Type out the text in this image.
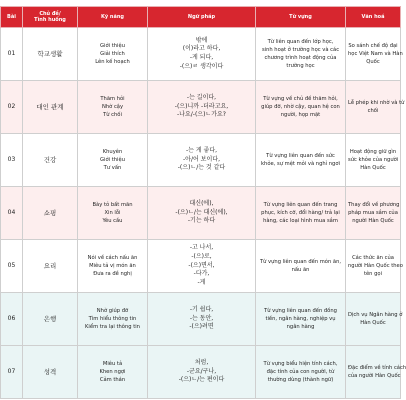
Bài	Chủ đề/
Tình huống	Kỹ năng	Ngữ pháp	Từ vựng	Văn hoá
01	학교생활	Giới thiệu
Giải thích
Lên kế hoạch	밖에
(이)라고 하다,
-게 되다,
-(으)ㄹ 생각이다	Từ liên quan đến lớp học,
sinh hoạt ở trường học và các
chương trình hoạt động của
trường học	So sánh chế độ đại
học Việt Nam và Hàn
Quốc

02	대인 관계	Thăm hỏi
Nhờ cậy
Từ chối	-는 길이다,
-(으)니까 -더라고요,
-나요/-(으)ㄴ가요?	Từ vựng về chủ đề thăm hỏi,
giúp đỡ, nhờ cậy, quan hệ con
người, họp mặt	Lễ phép khi nhờ và từ
chối

03	건강	Khuyên
Giới thiệu
Tư vấn	-는 게 좋다,
-아/어 보이다,
-(으)ㄴ/는 것 같다	Từ vựng liên quan đến sức
khỏe, sự mệt mỏi và nghỉ ngơi	Hoạt động giữ gìn
sức khỏe của người
Hàn Quốc

04	쇼핑	Bày tỏ bất mãn
Xin lỗi
Yêu cầu	대신(에),
-(으)ㄴ/는 대신(에),
-기는 하다	Từ vựng liên quan đến trang
phục, kích cỡ, đổi hàng/ trả lại
hàng, các loại hình mua sắm	Thay đổi về phương
pháp mua sắm của
người Hàn Quốc

05	요리	Nói về cách nấu ăn
Miêu tả vị món ăn
Đưa ra đề nghị	-고 나서,
-(으)로,
-(으)면서,
-다가,
-게	Từ vựng liên quan đến món ăn,
nấu ăn	Các thức ăn của
người Hàn Quốc theo
tên gọi

06	은행	Nhờ giúp đỡ
Tìm hiểu thông tin
Kiểm tra lại thông tin	-기 쉽다,
-는 동안,
-(으)려면	Từ vựng liên quan đến đồng
tiền, ngân hàng, nghiệp vụ
ngân hàng	Dịch vụ Ngân hàng ở
Hàn Quốc

07	성격	Miêu tả
Khen ngợi
Cảm thán	처럼,
-군요/구나,
-(으)ㄴ/는 편이다	Từ vựng biểu hiện tính cách,
đặc tính của con người, từ
thường dùng (thành ngữ)	Đặc điểm về tính cách
của người Hàn Quốc
